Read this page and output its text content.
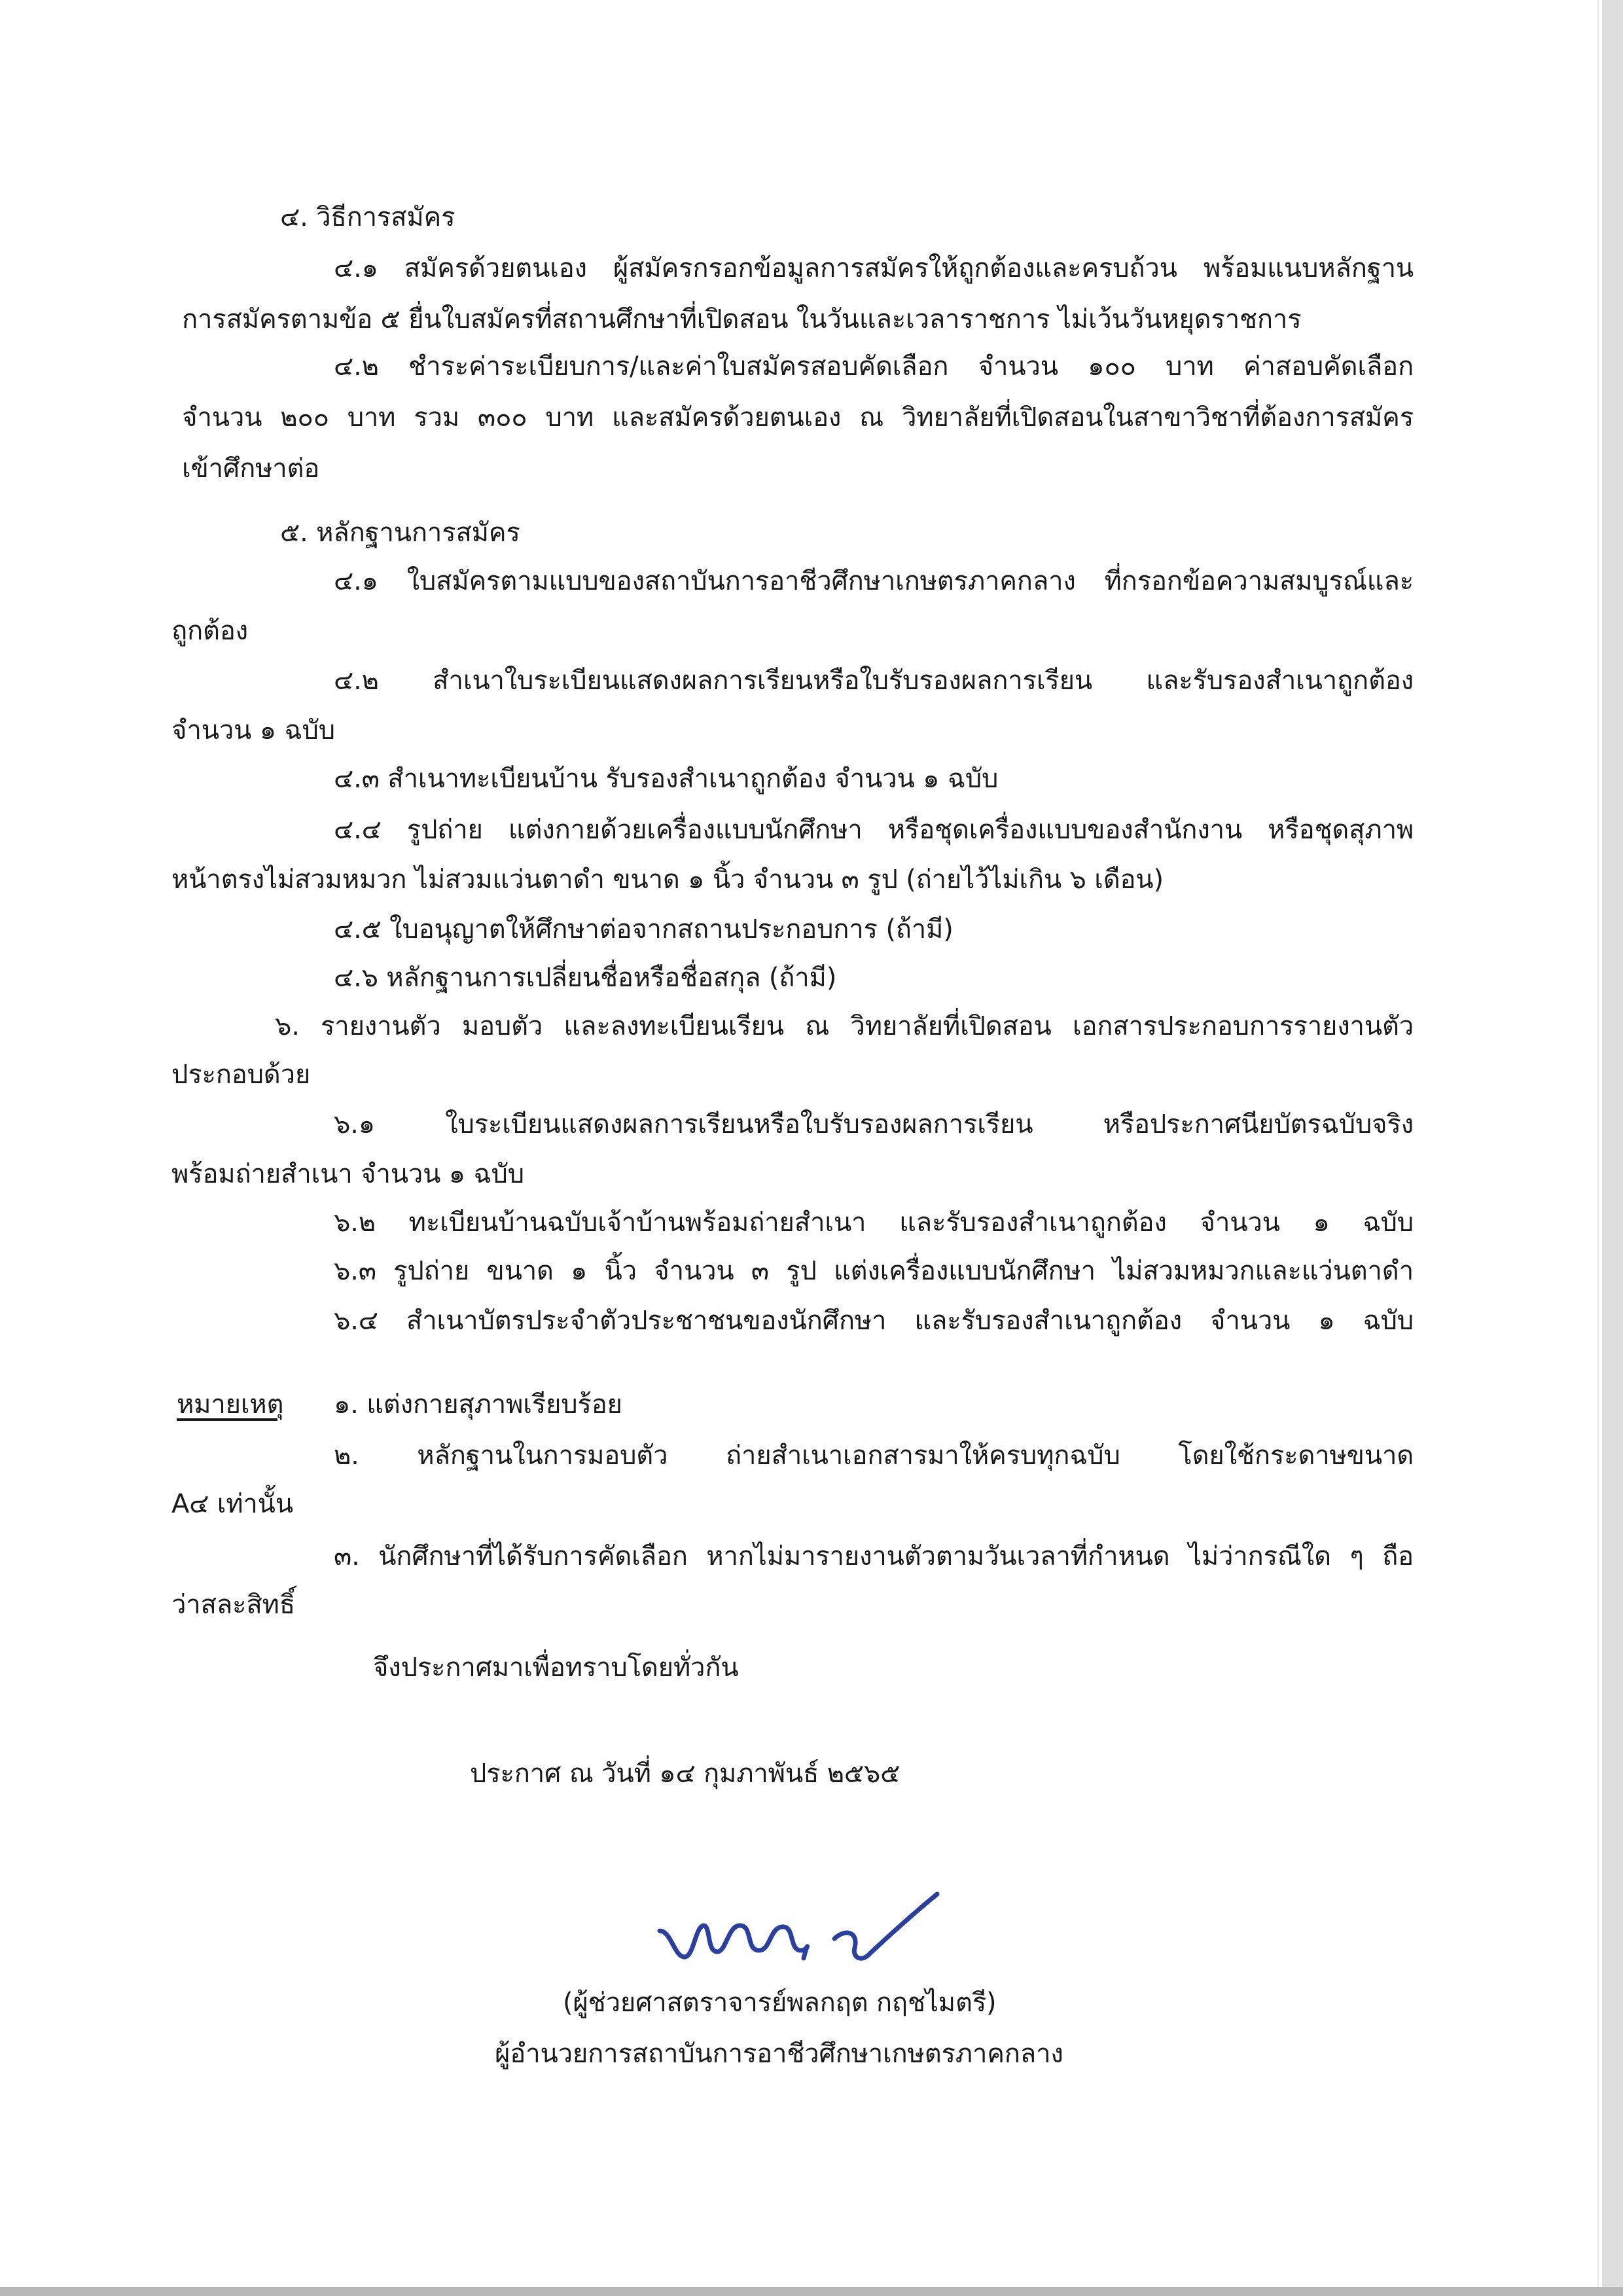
๔. วิธีการสมัคร

๔.๑ สมัครด้วยตนเอง ผู้สมัครกรอกข้อมูลการสมัครให้ถูกต้องและครบถ้วน พร้อมแนบหลักฐาน

การสมัครตามข้อ ๕ ยื่นใบสมัครที่สถานศึกษาที่เปิดสอน ในวันและเวลาราชการ ไม่เว้นวันหยุดราชการ

๔.๒ ชำระค่าระเบียบการ/และค่าใบสมัครสอบคัดเลือก จำนวน ๑๐๐ บาท ค่าสอบคัดเลือก

จำนวน ๒๐๐ บาท รวม ๓๐๐ บาท และสมัครด้วยตนเอง ณ วิทยาลัยที่เปิดสอนในสาขาวิชาที่ต้องการสมัคร

เข้าศึกษาต่อ

๕. หลักฐานการสมัคร

๔.๑ ใบสมัครตามแบบของสถาบันการอาชีวศึกษาเกษตรภาคกลาง ที่กรอกข้อความสมบูรณ์และ

ถูกต้อง

๔.๒ สำเนาใบระเบียนแสดงผลการเรียนหรือใบรับรองผลการเรียน และรับรองสำเนาถูกต้อง

จำนวน ๑ ฉบับ

๔.๓ สำเนาทะเบียนบ้าน รับรองสำเนาถูกต้อง จำนวน ๑ ฉบับ

๔.๔ รูปถ่าย แต่งกายด้วยเครื่องแบบนักศึกษา หรือชุดเครื่องแบบของสำนักงาน หรือชุดสุภาพ

หน้าตรงไม่สวมหมวก ไม่สวมแว่นตาดำ ขนาด ๑ นิ้ว จำนวน ๓ รูป (ถ่ายไว้ไม่เกิน ๖ เดือน)

๔.๕ ใบอนุญาตให้ศึกษาต่อจากสถานประกอบการ (ถ้ามี)

๔.๖ หลักฐานการเปลี่ยนชื่อหรือชื่อสกุล (ถ้ามี)

๖. รายงานตัว มอบตัว และลงทะเบียนเรียน ณ วิทยาลัยที่เปิดสอน เอกสารประกอบการรายงานตัว

ประกอบด้วย

๖.๑ ใบระเบียนแสดงผลการเรียนหรือใบรับรองผลการเรียน หรือประกาศนียบัตรฉบับจริง

พร้อมถ่ายสำเนา จำนวน ๑ ฉบับ

๖.๒ ทะเบียนบ้านฉบับเจ้าบ้านพร้อมถ่ายสำเนา และรับรองสำเนาถูกต้อง จำนวน ๑ ฉบับ

๖.๓ รูปถ่าย ขนาด ๑ นิ้ว จำนวน ๓ รูป แต่งเครื่องแบบนักศึกษา ไม่สวมหมวกและแว่นตาดำ

๖.๔ สำเนาบัตรประจำตัวประชาชนของนักศึกษา และรับรองสำเนาถูกต้อง จำนวน ๑ ฉบับ

หมายเหตุ ๑. แต่งกายสุภาพเรียบร้อย

๒. หลักฐานในการมอบตัว ถ่ายสำเนาเอกสารมาให้ครบทุกฉบับ โดยใช้กระดาษขนาด

A๔ เท่านั้น

๓. นักศึกษาที่ได้รับการคัดเลือก หากไม่มารายงานตัวตามวันเวลาที่กำหนด ไม่ว่ากรณีใด ๆ ถือ

ว่าสละสิทธิ์

จึงประกาศมาเพื่อทราบโดยทั่วกัน

ประกาศ ณ วันที่ ๑๔ กุมภาพันธ์ ๒๕๖๕

(ผู้ช่วยศาสตราจารย์พลกฤต กฤชไมตรี)

ผู้อำนวยการสถาบันการอาชีวศึกษาเกษตรภาคกลาง
